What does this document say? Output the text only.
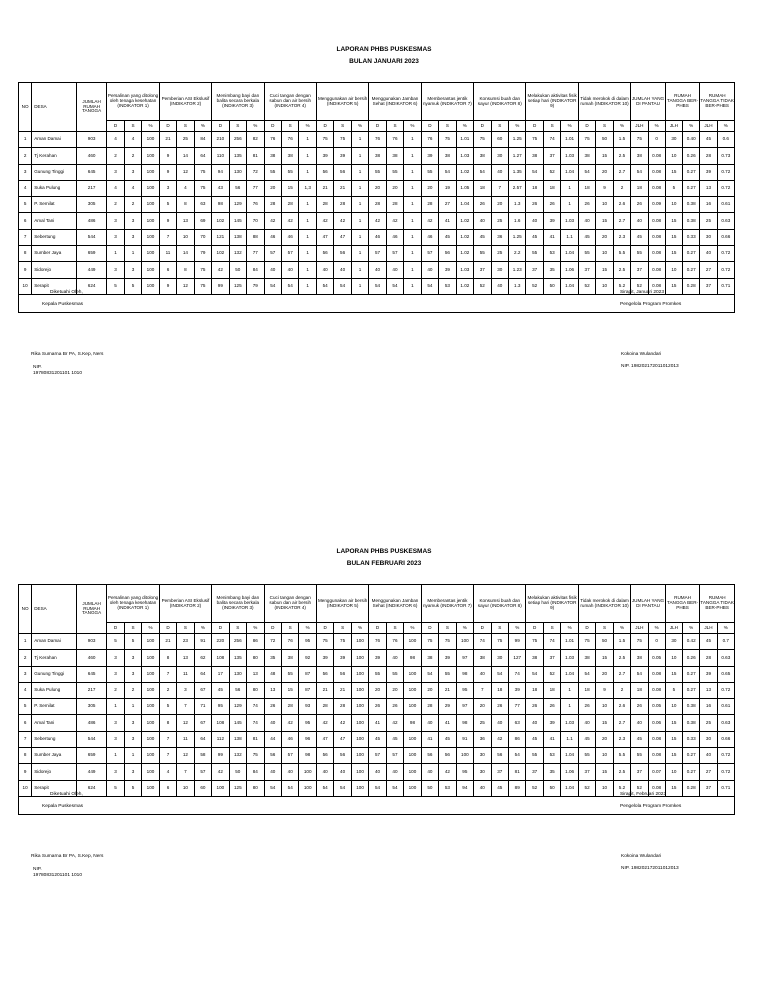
LAPORAN PHBS PUSKESMAS
BULAN JANUARI 2023
NO	DESA	JUMLAH RUMAH TANGGA	Persalinan yang ditolong oleh tenaga kesehatan (INDIKATOR 1)			Pemberian ASI Ekslusif (INDIKATOR 2)			Menimbang bayi dan balita secara berkala (INDIKATOR 3)			Cuci tangan dengan sabun dan air bersih (INDIKATOR 4)			Menggunakan air bersih (INDIKATOR 5)			Menggunakan Jamban Sehat (INDIKATOR 6)			Memberantas jentik nyamuk (INDIKATOR 7)			Konsumsi buah dan sayur (INDIKATOR 8)			Melakukan aktivitas fisik setiap hari (INDIKATOR 9)			Tidak merokok di dalam rumah (INDIKATOR 10)			JUMLAH YANG DI PANTAU		RUMAH TANGGA BER-PHBS		RUMAH TANGGA TIDAK BER-PHBS	
			D	S	%	D	S	%	D	S	%	D	S	%	D	S	%	D	S	%	D	S	%	D	S	%	D	S	%	D	S	%	JLH	%	JLH	%	JLH	%
1	Aman Damai	903	4	4	100	21	25	84	210	256	82	76	76	1	75	75	1	76	76	1	76	75	1.01	75	60	1.25	75	74	1.01	75	50	1.5	75	0	30	0.40	45	0.6
2	Tj Kerahan	460	2	2	100	9	14	64	110	135	81	38	38	1	39	39	1	38	38	1	39	38	1.03	38	30	1.27	38	37	1.03	38	15	2.5	38	0.08	10	0.26	28	0.73
3	Gunung Tinggi	645	3	3	100	9	12	75	94	130	72	55	55	1	56	56	1	55	55	1	55	54	1.02	54	40	1.35	54	52	1.04	54	20	2.7	54	0.08	15	0.27	39	0.72
4	Suka Pulung	217	4	4	100	3	4	75	43	56	77	20	15	1,3	21	21	1	20	20	1	20	19	1.05	18	7	2.57	18	18	1	18	9	2	18	0.08	5	0.27	13	0.72
5	P. Semilat	305	2	2	100	5	8	63	98	129	76	28	28	1	28	28	1	28	28	1	28	27	1.04	26	20	1.3	26	26	1	26	10	2.6	26	0.09	10	0.38	16	0.61
6	Amal Tani	486	3	3	100	9	13	69	102	145	70	42	42	1	42	42	1	42	42	1	42	41	1.02	40	25	1.6	40	39	1.03	40	15	2.7	40	0.08	15	0.38	25	0.63
7	Sebertung	544	3	3	100	7	10	70	121	138	88	46	46	1	47	47	1	46	46	1	46	45	1.02	45	36	1.25	45	41	1.1	45	20	2.3	45	0.08	15	0.33	30	0.66
8	Sumber Jaya	659	1	1	100	11	14	79	102	132	77	57	57	1	56	56	1	57	57	1	57	56	1.02	55	25	2.2	55	53	1.04	55	10	5.5	55	0.08	15	0.27	40	0.72
9	Sidorejo	449	3	3	100	6	8	75	42	50	84	40	40	1	40	40	1	40	40	1	40	39	1.03	37	30	1.23	37	35	1.06	37	15	2.5	37	0.08	10	0.27	27	0.72
10	Serapit	624	5	5	100	9	12	75	99	125	79	54	54	1	54	54	1	54	54	1	54	53	1.02	52	40	1.3	52	50	1.04	52	10	5.2	52	0.08	15	0.28	37	0.71

Diketuahi Oleh,
Kepala Puskesmas
Rika Sumarna Br PA, S.Kep, Ners
NIP.
Sirapit, Januari 2023
Pengelola Program Promkes
Kokoina Wulandari
NIP. 198202172011012013
19780831201101 1010
LAPORAN PHBS PUSKESMAS
BULAN FEBRUARI 2023
NO	DESA	JUMLAH RUMAH TANGGA	Persalinan yang ditolong oleh tenaga kesehatan (INDIKATOR 1)			Pemberian ASI Ekslusif (INDIKATOR 2)			Menimbang bayi dan balita secara berkala (INDIKATOR 3)			Cuci tangan dengan sabun dan air bersih (INDIKATOR 4)			Menggunakan air bersih (INDIKATOR 5)			Menggunakan Jamban Sehat (INDIKATOR 6)			Memberantas jentik nyamuk (INDIKATOR 7)			Konsumsi buah dan sayur (INDIKATOR 8)			Melakukan aktivitas fisik setiap hari (INDIKATOR 9)			Tidak merokok di dalam rumah (INDIKATOR 10)			JUMLAH YANG DI PANTAU		RUMAH TANGGA BER-PHBS		RUMAH TANGGA TIDAK BER-PHBS	
			D	S	%	D	S	%	D	S	%	D	S	%	D	S	%	D	S	%	D	S	%	D	S	%	D	S	%	D	S	%	JLH	%	JLH	%	JLH	%
1	Aman Damai	903	5	5	100	21	23	91	220	256	86	72	76	95	75	75	100	76	76	100	75	75	100	74	75	99	75	74	1.01	75	50	1.5	75	0	30	0.42	45	0.7
2	Tj Kerahan	460	3	3	100	8	13	62	108	135	80	35	38	92	39	39	100	39	40	98	38	39	97	38	30	127	38	37	1.03	38	15	2.5	38	0.05	10	0.26	28	0.63
3	Gunung Tinggi	645	3	3	100	7	11	64	17	130	13	48	55	87	56	56	100	55	55	100	54	55	98	40	54	74	54	52	1.04	54	20	2.7	54	0.08	15	0.27	39	0.65
4	Suka Pulung	217	2	2	100	2	3	67	45	56	80	13	15	87	21	21	100	20	20	100	20	21	95	7	18	39	18	18	1	18	9	2	18	0.08	5	0.27	13	0.72
5	P. Semilat	305	1	1	100	5	7	71	95	129	74	26	28	93	28	28	100	26	26	100	28	29	97	20	26	77	26	26	1	26	10	2.6	26	0.05	10	0.38	16	0.61
6	Amal Tani	486	3	3	100	8	12	67	108	145	74	40	42	95	42	42	100	41	42	98	40	41	98	25	40	63	40	39	1.03	40	15	2.7	40	0.06	15	0.38	25	0.63
7	Sebertung	544	3	3	100	7	11	64	112	138	81	44	46	96	47	47	100	45	45	100	41	45	91	36	42	86	45	41	1.1	45	20	2.3	45	0.08	15	0.33	30	0.66
8	Sumber Jaya	659	1	1	100	7	12	58	99	132	75	56	57	98	56	56	100	57	57	100	56	56	100	30	56	54	55	53	1.04	55	10	5.5	55	0.08	15	0.27	40	0.72
9	Sidorejo	449	3	3	100	4	7	57	42	50	84	40	40	100	40	40	100	40	40	100	40	42	95	30	37	81	37	35	1.06	37	15	2.5	37	0.07	10	0.27	27	0.72
10	Serapit	624	5	5	100	6	10	60	100	125	80	54	54	100	54	54	100	54	54	100	50	53	94	40	45	89	52	50	1.04	52	10	5.2	52	0.08	15	0.28	37	0.71

Diketuahi Oleh,
Kepala Puskesmas
Rika Sumarna Br PA, S.Kep, Ners
NIP.
Sirapit, Februari 2023
Pengelola Program Promkes
Kokoina Wulandari
NIP. 198202172011012013
19780831201101 1010
